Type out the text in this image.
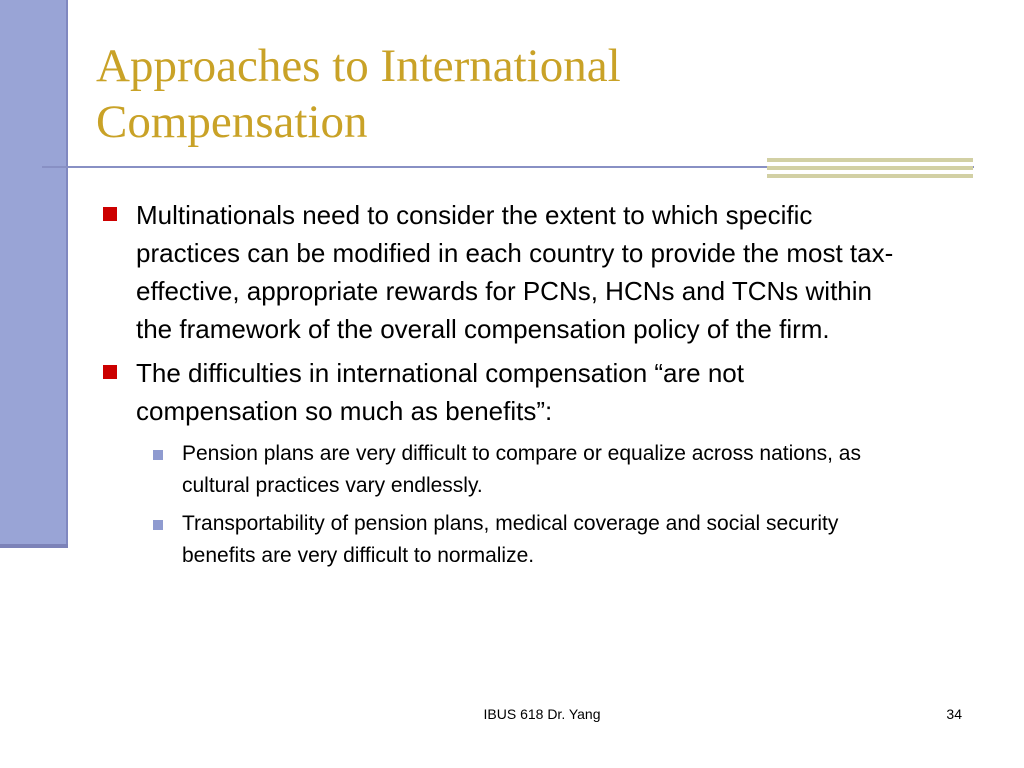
Approaches to International
Compensation
Multinationals need to consider the extent to which specific practices can be modified in each country to provide the most tax-effective, appropriate rewards for PCNs, HCNs and TCNs within the framework of the overall compensation policy of the firm.
The difficulties in international compensation “are not compensation so much as benefits”:
Pension plans are very difficult to compare or equalize across nations, as cultural practices vary endlessly.
Transportability of pension plans, medical coverage and social security benefits are very difficult to normalize.
IBUS 618 Dr. Yang	34
